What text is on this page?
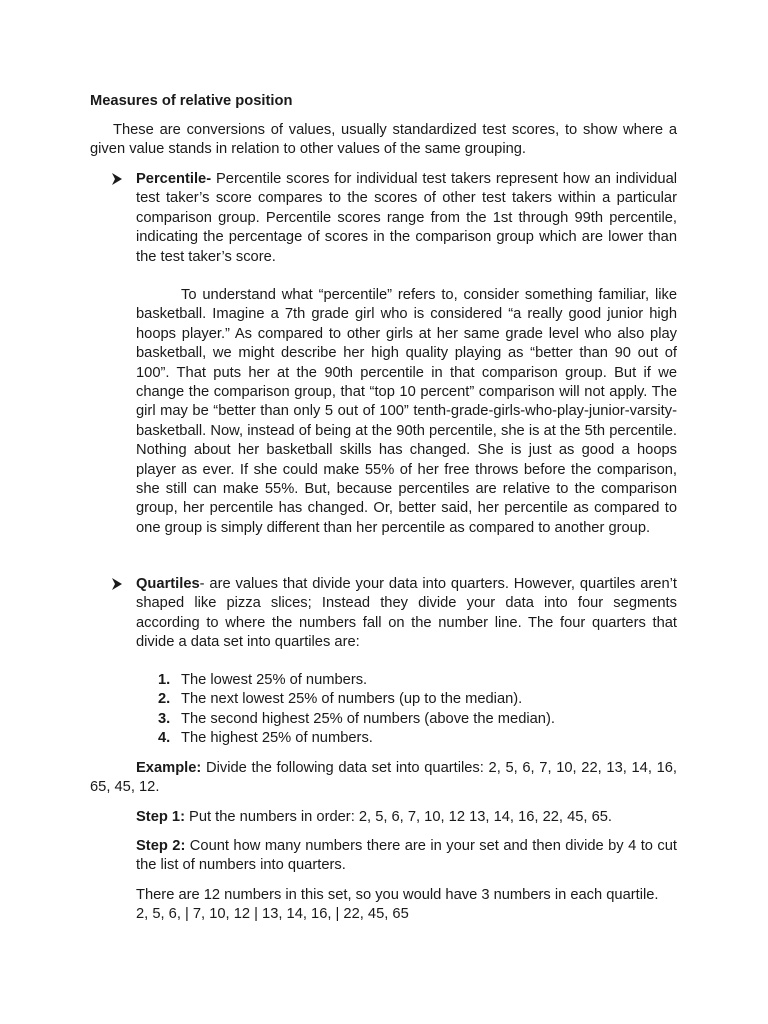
Measures of relative position

These are conversions of values, usually standardized test scores, to show where a given value stands in relation to other values of the same grouping.

Percentile- Percentile scores for individual test takers represent how an individual test taker’s score compares to the scores of other test takers within a particular comparison group. Percentile scores range from the 1st through 99th percentile, indicating the percentage of scores in the comparison group which are lower than the test taker’s score.

To understand what “percentile” refers to, consider something familiar, like basketball. Imagine a 7th grade girl who is considered “a really good junior high hoops player.” As compared to other girls at her same grade level who also play basketball, we might describe her high quality playing as “better than 90 out of 100”. That puts her at the 90th percentile in that comparison group. But if we change the comparison group, that “top 10 percent” comparison will not apply. The girl may be “better than only 5 out of 100” tenth-grade-girls-who-play-junior-varsity-basketball. Now, instead of being at the 90th percentile, she is at the 5th percentile. Nothing about her basketball skills has changed. She is just as good a hoops player as ever. If she could make 55% of her free throws before the comparison, she still can make 55%. But, because percentiles are relative to the comparison group, her percentile has changed. Or, better said, her percentile as compared to one group is simply different than her percentile as compared to another group.

Quartiles- are values that divide your data into quarters. However, quartiles aren’t shaped like pizza slices; Instead they divide your data into four segments according to where the numbers fall on the number line. The four quarters that divide a data set into quartiles are:

1. The lowest 25% of numbers.
2. The next lowest 25% of numbers (up to the median).
3. The second highest 25% of numbers (above the median).
4. The highest 25% of numbers.

Example: Divide the following data set into quartiles: 2, 5, 6, 7, 10, 22, 13, 14, 16, 65, 45, 12.

Step 1: Put the numbers in order: 2, 5, 6, 7, 10, 12 13, 14, 16, 22, 45, 65.

Step 2: Count how many numbers there are in your set and then divide by 4 to cut the list of numbers into quarters.

There are 12 numbers in this set, so you would have 3 numbers in each quartile.

2, 5, 6, | 7, 10, 12 | 13, 14, 16, | 22, 45, 65
